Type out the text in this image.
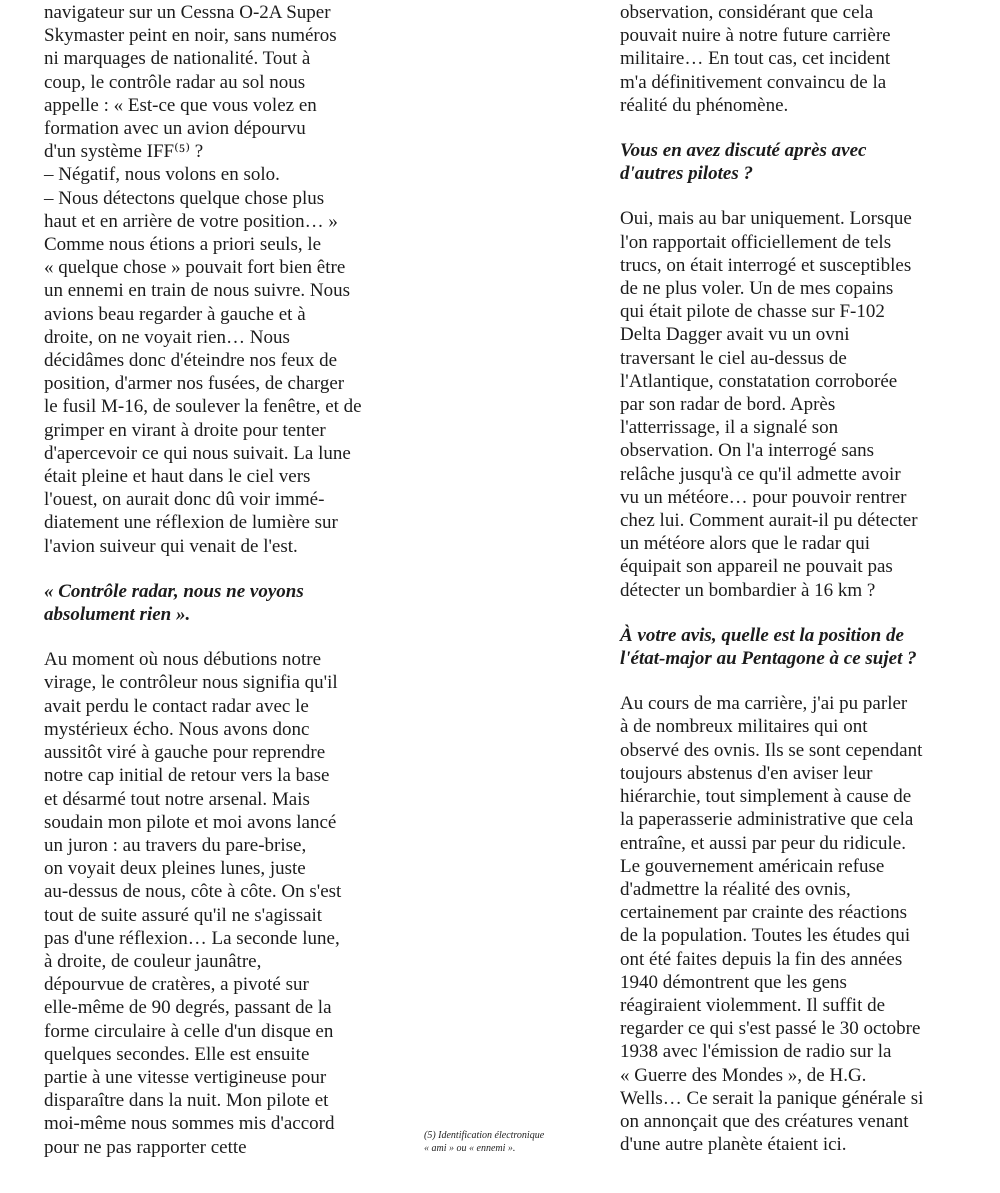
navigateur sur un Cessna O-2A Super
Skymaster peint en noir, sans numéros
ni marquages de nationalité. Tout à
coup, le contrôle radar au sol nous
appelle : « Est-ce que vous volez en
formation avec un avion dépourvu
d'un système IFF⁽⁵⁾ ?
– Négatif, nous volons en solo.
– Nous détectons quelque chose plus
haut et en arrière de votre position… »
Comme nous étions a priori seuls, le
« quelque chose » pouvait fort bien être
un ennemi en train de nous suivre. Nous
avions beau regarder à gauche et à
droite, on ne voyait rien… Nous
décidâmes donc d'éteindre nos feux de
position, d'armer nos fusées, de charger
le fusil M-16, de soulever la fenêtre, et de
grimper en virant à droite pour tenter
d'apercevoir ce qui nous suivait. La lune
était pleine et haut dans le ciel vers
l'ouest, on aurait donc dû voir immé-
diatement une réflexion de lumière sur
l'avion suiveur qui venait de l'est.
« Contrôle radar, nous ne voyons
absolument rien ».
Au moment où nous débutions notre
virage, le contrôleur nous signifia qu'il
avait perdu le contact radar avec le
mystérieux écho. Nous avons donc
aussitôt viré à gauche pour reprendre
notre cap initial de retour vers la base
et désarmé tout notre arsenal. Mais
soudain mon pilote et moi avons lancé
un juron : au travers du pare-brise,
on voyait deux pleines lunes, juste
au-dessus de nous, côte à côte. On s'est
tout de suite assuré qu'il ne s'agissait
pas d'une réflexion… La seconde lune,
à droite, de couleur jaunâtre,
dépourvue de cratères, a pivoté sur
elle-même de 90 degrés, passant de la
forme circulaire à celle d'un disque en
quelques secondes. Elle est ensuite
partie à une vitesse vertigineuse pour
disparaître dans la nuit. Mon pilote et
moi-même nous sommes mis d'accord
pour ne pas rapporter cette
observation, considérant que cela
pouvait nuire à notre future carrière
militaire… En tout cas, cet incident
m'a définitivement convaincu de la
réalité du phénomène.
Vous en avez discuté après avec
d'autres pilotes ?
Oui, mais au bar uniquement. Lorsque
l'on rapportait officiellement de tels
trucs, on était interrogé et susceptibles
de ne plus voler. Un de mes copains
qui était pilote de chasse sur F-102
Delta Dagger avait vu un ovni
traversant le ciel au-dessus de
l'Atlantique, constatation corroborée
par son radar de bord. Après
l'atterrissage, il a signalé son
observation. On l'a interrogé sans
relâche jusqu'à ce qu'il admette avoir
vu un météore… pour pouvoir rentrer
chez lui. Comment aurait-il pu détecter
un météore alors que le radar qui
équipait son appareil ne pouvait pas
détecter un bombardier à 16 km ?
À votre avis, quelle est la position de
l'état-major au Pentagone à ce sujet ?
Au cours de ma carrière, j'ai pu parler
à de nombreux militaires qui ont
observé des ovnis. Ils se sont cependant
toujours abstenus d'en aviser leur
hiérarchie, tout simplement à cause de
la paperasserie administrative que cela
entraîne, et aussi par peur du ridicule.
Le gouvernement américain refuse
d'admettre la réalité des ovnis,
certainement par crainte des réactions
de la population. Toutes les études qui
ont été faites depuis la fin des années
1940 démontrent que les gens
réagiraient violemment. Il suffit de
regarder ce qui s'est passé le 30 octobre
1938 avec l'émission de radio sur la
« Guerre des Mondes », de H.G.
Wells… Ce serait la panique générale si
on annonçait que des créatures venant
d'une autre planète étaient ici.
(5) Identification électronique
« ami » ou « ennemi ».
